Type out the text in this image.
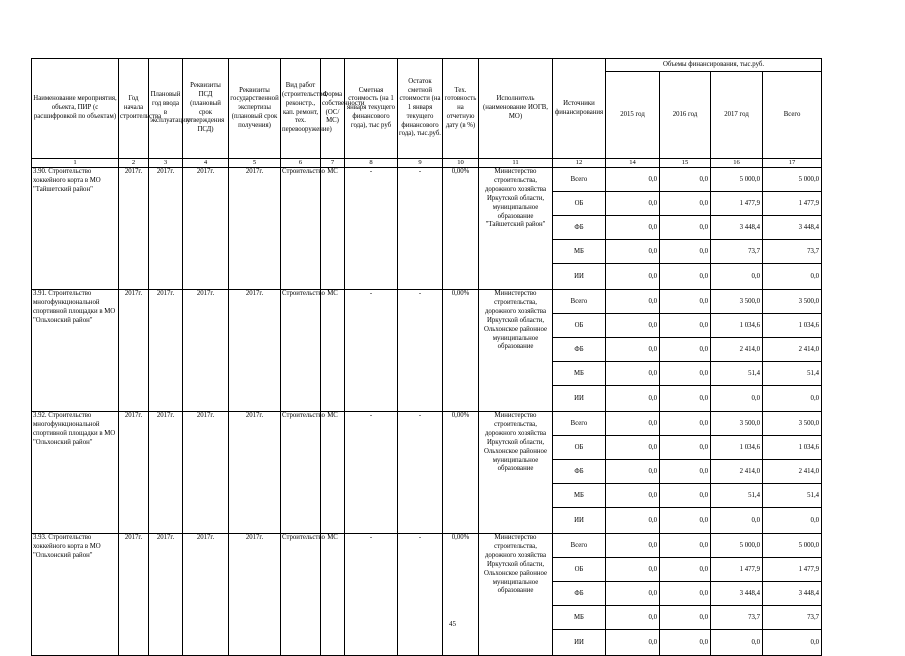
Наименование мероприятия, объекта, ПИР (с расшифровкой по объектам)	Год начала строительства	Плановый год ввода в эксплуатацию	Реквизиты ПСД (плановый срок утверждения ПСД)	Реквизиты государственной экспертизы (плановый срок получения)	Вид работ (строительство, реконстр., кап. ремонт, тех. перевооружение)	Форма собственности (ОС/МС)	Сметная стоимость (на 1 января текущего финансового года), тыс руб	Остаток сметной стоимости (на 1 января текущего финансового года), тыс.руб.	Тех. готовность на отчетную дату (в %)	Исполнитель (наименование ИОГВ, МО)	Источники финансирования	Объемы финансирования, тыс.руб.			
												2015 год	2016 год	2017 год	Всего
1	2	3	4	5	6	7	8	9	10	11	12	14	15	16	17
3.90. Строительство хоккейного корта в МО "Тайшетский район"	2017г.	2017г.	2017г.	2017г.	Строительство	МС	-	-	0,00%	Министерство строительства, дорожного хозяйства Иркутской области, муниципальное образование "Тайшетский район"	Всего	0,0	0,0	5 000,0	5 000,0
											ОБ	0,0	0,0	1 477,9	1 477,9
											ФБ	0,0	0,0	3 448,4	3 448,4
											МБ	0,0	0,0	73,7	73,7
											ИИ	0,0	0,0	0,0	0,0
3.91. Строительство многофункциональной спортивной площадки в МО "Ольхонский район"	2017г.	2017г.	2017г.	2017г.	Строительство	МС	-	-	0,00%	Министерство строительства, дорожного хозяйства Иркутской области, Ольхонское районное муниципальное образование	Всего	0,0	0,0	3 500,0	3 500,0
											ОБ	0,0	0,0	1 034,6	1 034,6
											ФБ	0,0	0,0	2 414,0	2 414,0
											МБ	0,0	0,0	51,4	51,4
											ИИ	0,0	0,0	0,0	0,0
3.92. Строительство многофункциональной спортивной площадки в МО "Ольхонский район"	2017г.	2017г.	2017г.	2017г.	Строительство	МС	-	-	0,00%	Министерство строительства, дорожного хозяйства Иркутской области, Ольхонское районное муниципальное образование	Всего	0,0	0,0	3 500,0	3 500,0
											ОБ	0,0	0,0	1 034,6	1 034,6
											ФБ	0,0	0,0	2 414,0	2 414,0
											МБ	0,0	0,0	51,4	51,4
											ИИ	0,0	0,0	0,0	0,0
3.93. Строительство хоккейного корта в МО "Ольхонский район"	2017г.	2017г.	2017г.	2017г.	Строительство	МС	-	-	0,00%	Министерство строительства, дорожного хозяйства Иркутской области, Ольхонское районное муниципальное образование	Всего	0,0	0,0	5 000,0	5 000,0
											ОБ	0,0	0,0	1 477,9	1 477,9
											ФБ	0,0	0,0	3 448,4	3 448,4
											МБ	0,0	0,0	73,7	73,7
											ИИ	0,0	0,0	0,0	0,0
45
